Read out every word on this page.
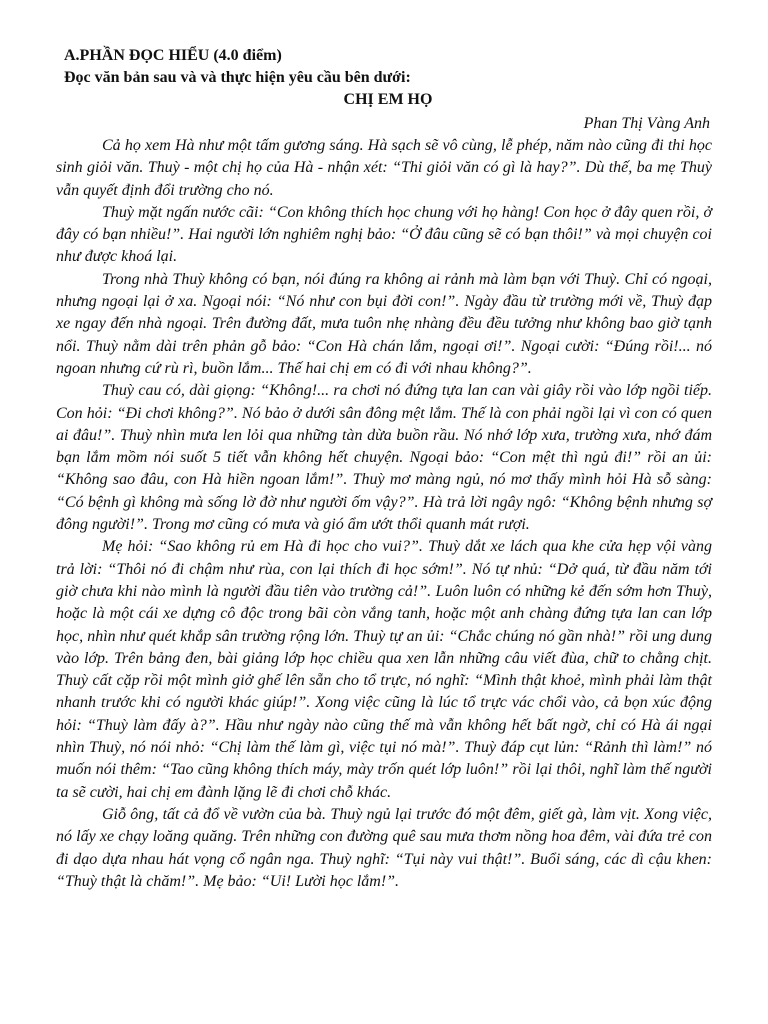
A.PHẦN ĐỌC HIỂU (4.0 điểm)
Đọc văn bản sau và và thực hiện yêu cầu bên dưới:
CHỊ EM HỌ
Phan Thị Vàng Anh

Cả họ xem Hà như một tấm gương sáng. Hà sạch sẽ vô cùng, lễ phép, năm nào cũng đi thi học sinh giỏi văn. Thuỳ - một chị họ của Hà - nhận xét: “Thi giỏi văn có gì là hay?”. Dù thế, ba mẹ Thuỳ vẫn quyết định đổi trường cho nó.

Thuỳ mặt ngấn nước cãi: “Con không thích học chung với họ hàng! Con học ở đây quen rồi, ở đây có bạn nhiều!”. Hai người lớn nghiêm nghị bảo: “Ở đâu cũng sẽ có bạn thôi!” và mọi chuyện coi như được khoá lại.

Trong nhà Thuỳ không có bạn, nói đúng ra không ai rảnh mà làm bạn với Thuỳ. Chỉ có ngoại, nhưng ngoại lại ở xa. Ngoại nói: “Nó như con bụi đời con!”. Ngày đầu từ trường mới về, Thuỳ đạp xe ngay đến nhà ngoại. Trên đường đất, mưa tuôn nhẹ nhàng đều đều tưởng như không bao giờ tạnh nổi. Thuỳ nằm dài trên phản gỗ bảo: “Con Hà chán lắm, ngoại ơi!”. Ngoại cười: “Đúng rồi!... nó ngoan nhưng cứ rù rì, buồn lắm... Thế hai chị em có đi với nhau không?”.

Thuỳ cau có, dài giọng: “Không!... ra chơi nó đứng tựa lan can vài giây rồi vào lớp ngồi tiếp. Con hỏi: “Đi chơi không?”. Nó bảo ở dưới sân đông mệt lắm. Thế là con phải ngồi lại vì con có quen ai đâu!”. Thuỳ nhìn mưa len lỏi qua những tàn dừa buồn rầu. Nó nhớ lớp xưa, trường xưa, nhớ đám bạn lắm mồm nói suốt 5 tiết vẫn không hết chuyện. Ngoại bảo: “Con mệt thì ngủ đi!” rồi an ủi: “Không sao đâu, con Hà hiền ngoan lắm!”. Thuỳ mơ màng ngủ, nó mơ thấy mình hỏi Hà sỗ sàng: “Có bệnh gì không mà sống lờ đờ như người ốm vậy?”. Hà trả lời ngây ngô: “Không bệnh nhưng sợ đông người!”. Trong mơ cũng có mưa và gió ẩm ướt thổi quanh mát rượi.

Mẹ hỏi: “Sao không rủ em Hà đi học cho vui?”. Thuỳ dắt xe lách qua khe cửa hẹp vội vàng trả lời: “Thôi nó đi chậm như rùa, con lại thích đi học sớm!”. Nó tự nhủ: “Dở quá, từ đầu năm tới giờ chưa khi nào mình là người đầu tiên vào trường cả!”. Luôn luôn có những kẻ đến sớm hơn Thuỳ, hoặc là một cái xe dựng cô độc trong bãi còn vắng tanh, hoặc một anh chàng đứng tựa lan can lớp học, nhìn như quét khắp sân trường rộng lớn. Thuỳ tự an ủi: “Chắc chúng nó gần nhà!” rồi ung dung vào lớp. Trên bảng đen, bài giảng lớp học chiều qua xen lẫn những câu viết đùa, chữ to chằng chịt. Thuỳ cất cặp rồi một mình giở ghế lên sẵn cho tổ trực, nó nghĩ: “Mình thật khoẻ, mình phải làm thật nhanh trước khi có người khác giúp!”. Xong việc cũng là lúc tổ trực vác chổi vào, cả bọn xúc động hỏi: “Thuỳ làm đấy à?”. Hầu như ngày nào cũng thế mà vẫn không hết bất ngờ, chỉ có Hà ái ngại nhìn Thuỳ, nó nói nhỏ: “Chị làm thế làm gì, việc tụi nó mà!”. Thuỳ đáp cụt lủn: “Rảnh thì làm!” nó muốn nói thêm: “Tao cũng không thích máy, mày trốn quét lớp luôn!” rồi lại thôi, nghĩ làm thế người ta sẽ cười, hai chị em đành lặng lẽ đi chơi chỗ khác.

Giỗ ông, tất cả đổ về vườn của bà. Thuỳ ngủ lại trước đó một đêm, giết gà, làm vịt. Xong việc, nó lấy xe chạy loăng quăng. Trên những con đường quê sau mưa thơm nồng hoa đêm, vài đứa trẻ con đi dạo dựa nhau hát vọng cổ ngân nga. Thuỳ nghĩ: “Tụi này vui thật!”. Buổi sáng, các dì cậu khen: “Thuỳ thật là chăm!”. Mẹ bảo: “Ui! Lười học lắm!”.
